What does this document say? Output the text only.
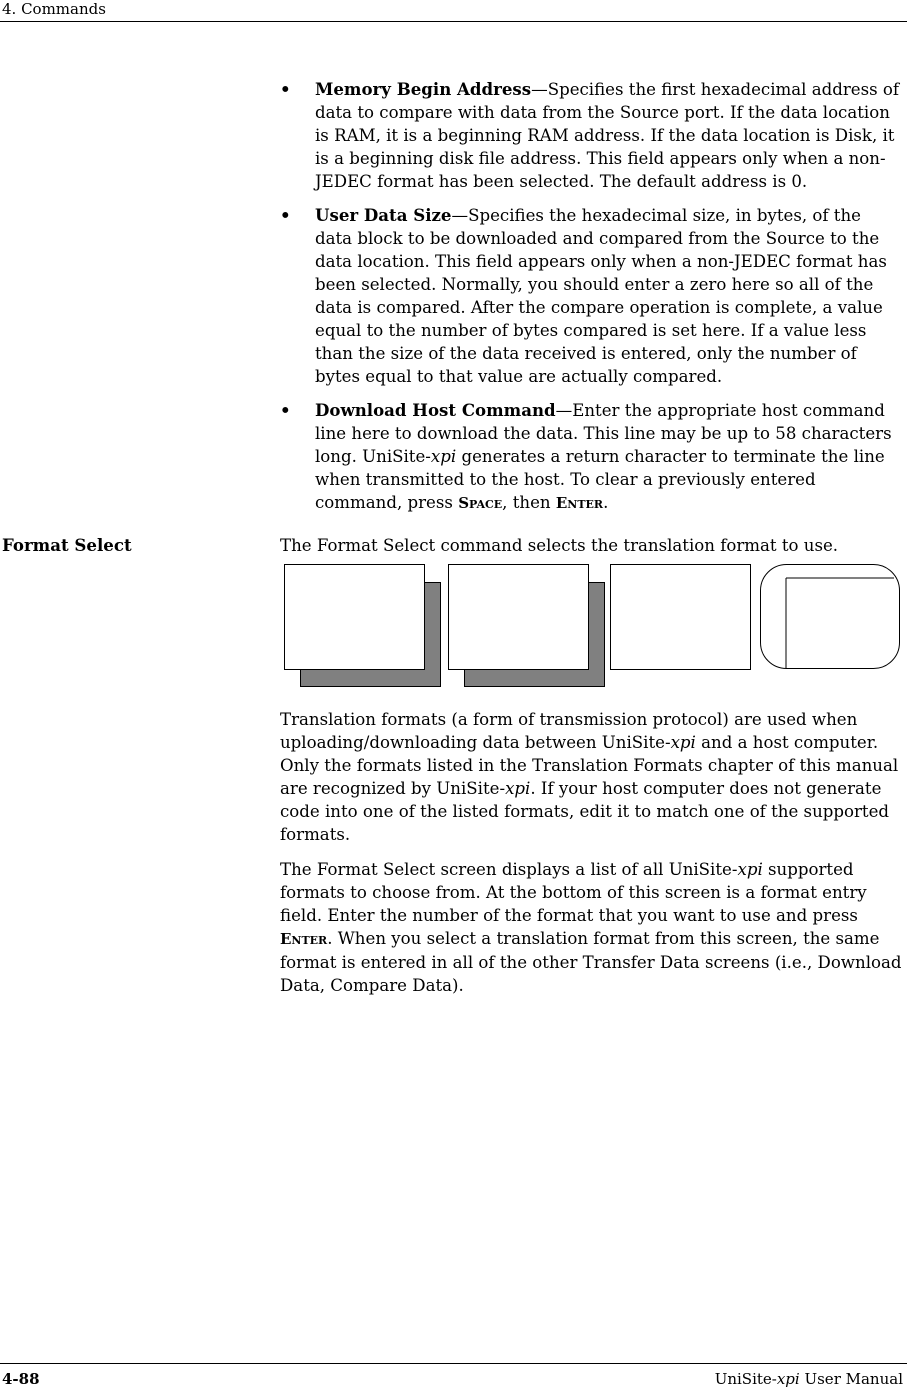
4. Commands
• Memory Begin Address—Specifies the first hexadecimal address of data to compare with data from the Source port. If the data location is RAM, it is a beginning RAM address. If the data location is Disk, it is a beginning disk file address. This field appears only when a non-JEDEC format has been selected. The default address is 0.
• User Data Size—Specifies the hexadecimal size, in bytes, of the data block to be downloaded and compared from the Source to the data location. This field appears only when a non-JEDEC format has been selected. Normally, you should enter a zero here so all of the data is compared. After the compare operation is complete, a value equal to the number of bytes compared is set here. If a value less than the size of the data received is entered, only the number of bytes equal to that value are actually compared.
• Download Host Command—Enter the appropriate host command line here to download the data. This line may be up to 58 characters long. UniSite-xpi generates a return character to terminate the line when transmitted to the host. To clear a previously entered command, press Space, then Enter.
Format Select	The Format Select command selects the translation format to use.
Translation formats (a form of transmission protocol) are used when uploading/downloading data between UniSite-xpi and a host computer. Only the formats listed in the Translation Formats chapter of this manual are recognized by UniSite-xpi. If your host computer does not generate code into one of the listed formats, edit it to match one of the supported formats.
The Format Select screen displays a list of all UniSite-xpi supported formats to choose from. At the bottom of this screen is a format entry field. Enter the number of the format that you want to use and press Enter. When you select a translation format from this screen, the same format is entered in all of the other Transfer Data screens (i.e., Download Data, Compare Data).
4-88	UniSite-xpi User Manual
